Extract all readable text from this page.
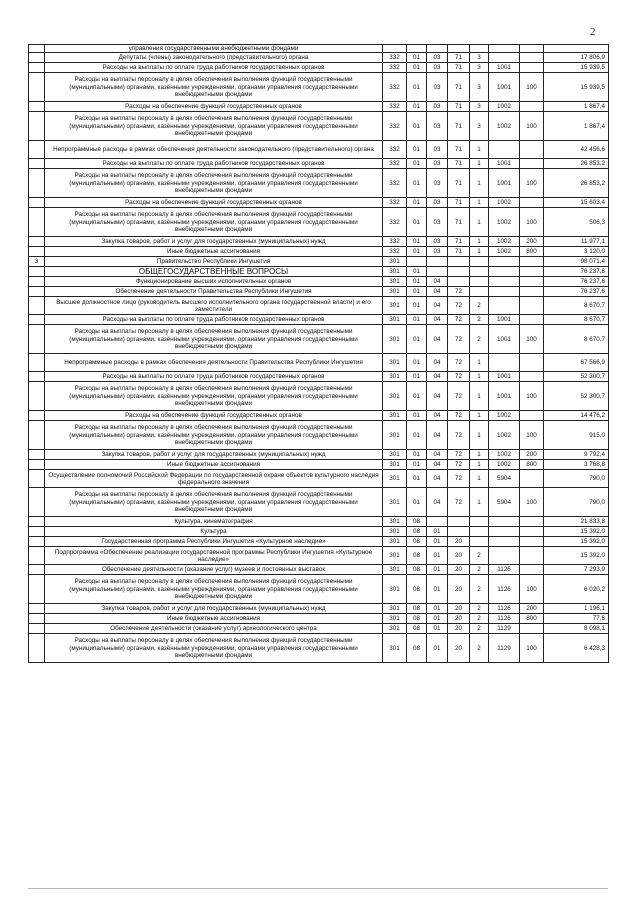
2
	управления государственными внебюджетными фондами								
	Депутаты (члены) законодательного (представительного) органа	332	01	03	71	3			17 806,9
	Расходы на выплаты по оплате труда работников государственных органов	332	01	03	71	3	1001		15 939,5
	Расходы на выплаты персоналу в целях обеспечения выполнения функций государственными (муниципальными) органами, казёнными учреждениями, органами управления государственными внебюджетными фондами	332	01	03	71	3	1001	100	15 939,5
	Расходы на обеспечение функций государственных органов	332	01	03	71	3	1002		1 867,4
	Расходы на выплаты персоналу в целях обеспечения выполнения функций государственными (муниципальными) органами, казёнными учреждениями, органами управления государственными внебюджетными фондами	332	01	03	71	3	1002	100	1 867,4
	Непрограммные расходы в рамках обеспечения деятельности законодательного (представительного) органа	332	01	03	71	1			42 456,6
	Расходы на выплаты по оплате труда работников государственных органов	332	01	03	71	1	1001		26 853,2
	Расходы на выплаты персоналу в целях обеспечения выполнения функций государственными (муниципальными) органами, казёнными учреждениями, органами управления государственными внебюджетными фондами	332	01	03	71	1	1001	100	26 853,2
	Расходы на обеспечение функций государственных органов	332	01	03	71	1	1002		15 603,4
	Расходы на выплаты персоналу в целях обеспечения выполнения функций государственными (муниципальными) органами, казёнными учреждениями, органами управления государственными внебюджетными фондами	332	01	03	71	1	1002	100	506,3
	Закупка товаров, работ и услуг для государственных (муниципальных) нужд	332	01	03	71	1	1002	200	11 977,1
	Иные бюджетные ассигнования	332	01	03	71	1	1002	800	3 120,0
3	Правительство Республики Ингушетия	301							98 071,4
	ОБЩЕГОСУДАРСТВЕННЫЕ ВОПРОСЫ	301	01						76 237,6
	Функционирование высших исполнительных органов	301	01	04					76 237,6
	Обеспечение деятельности Правительства Республики Ингушетия	301	01	04	72				76 237,6
	Высшее должностное лицо (руководитель высшего исполнительного органа государственной власти) и его заместители	301	01	04	72	2			8 670,7
	Расходы на выплаты по оплате труда работников государственных органов	301	01	04	72	2	1001		8 670,7
	Расходы на выплаты персоналу в целях обеспечения выполнения функций государственными (муниципальными) органами, казёнными учреждениями, органами управления государственными внебюджетными фондами	301	01	04	72	2	1001	100	8 670,7
	Непрограммные расходы в рамках обеспечения деятельности Правительства Республики Ингушетия	301	01	04	72	1			67 566,9
	Расходы на выплаты по оплате труда работников государственных органов	301	01	04	72	1	1001		52 300,7
	Расходы на выплаты персоналу в целях обеспечения выполнения функций государственными (муниципальными) органами, казёнными учреждениями, органами управления государственными внебюджетными фондами	301	01	04	72	1	1001	100	52 300,7
	Расходы на обеспечение функций государственных органов	301	01	04	72	1	1002		14 476,2
	Расходы на выплаты персоналу в целях обеспечения выполнения функций государственными (муниципальными) органами, казёнными учреждениями, органами управления государственными внебюджетными фондами	301	01	04	72	1	1002	100	915,0
	Закупка товаров, работ и услуг для государственных (муниципальных) нужд	301	01	04	72	1	1002	200	9 792,4
	Иные бюджетные ассигнования	301	01	04	72	1	1002	800	3 768,8
	Осуществление полномочий Российской Федерации по государственной охране объектов культурного наследия федерального значения	301	01	04	72	1	5904		790,0
	Расходы на выплаты персоналу в целях обеспечения выполнения функций государственными (муниципальными) органами, казёнными учреждениями, органами управления государственными внебюджетными фондами	301	01	04	72	1	5904	100	790,0
	Культура, кинематография	301	08						21 833,8
	Культура	301	08	01					15 392,0
	Государственная программа Республики Ингушетия «Культурное наследие»	301	08	01	20				15 392,0
	Подпрограмма «Обеспечение реализации государственной программы Республики Ингушетия «Культурное наследие»	301	08	01	20	2			15 392,0
	Обеспечение деятельности (оказание услуг) музеев и постоянных выставок	301	08	01	20	2	1126		7 293,9
	Расходы на выплаты персоналу в целях обеспечения выполнения функций государственными (муниципальными) органами, казёнными учреждениями, органами управления государственными внебюджетными фондами	301	08	01	20	2	1126	100	6 020,2
	Закупка товаров, работ и услуг для государственных (муниципальных) нужд	301	08	01	20	2	1126	200	1 196,1
	Иные бюджетные ассигнования	301	08	01	20	2	1126	800	77,6
	Обеспечение деятельности (оказание услуг) археологического центра	301	08	01	20	2	1129		8 098,1
	Расходы на выплаты персоналу в целях обеспечения выполнения функций государственными (муниципальными) органами, казёнными учреждениями, органами управления государственными внебюджетными фондами	301	08	01	20	2	1129	100	6 428,3
